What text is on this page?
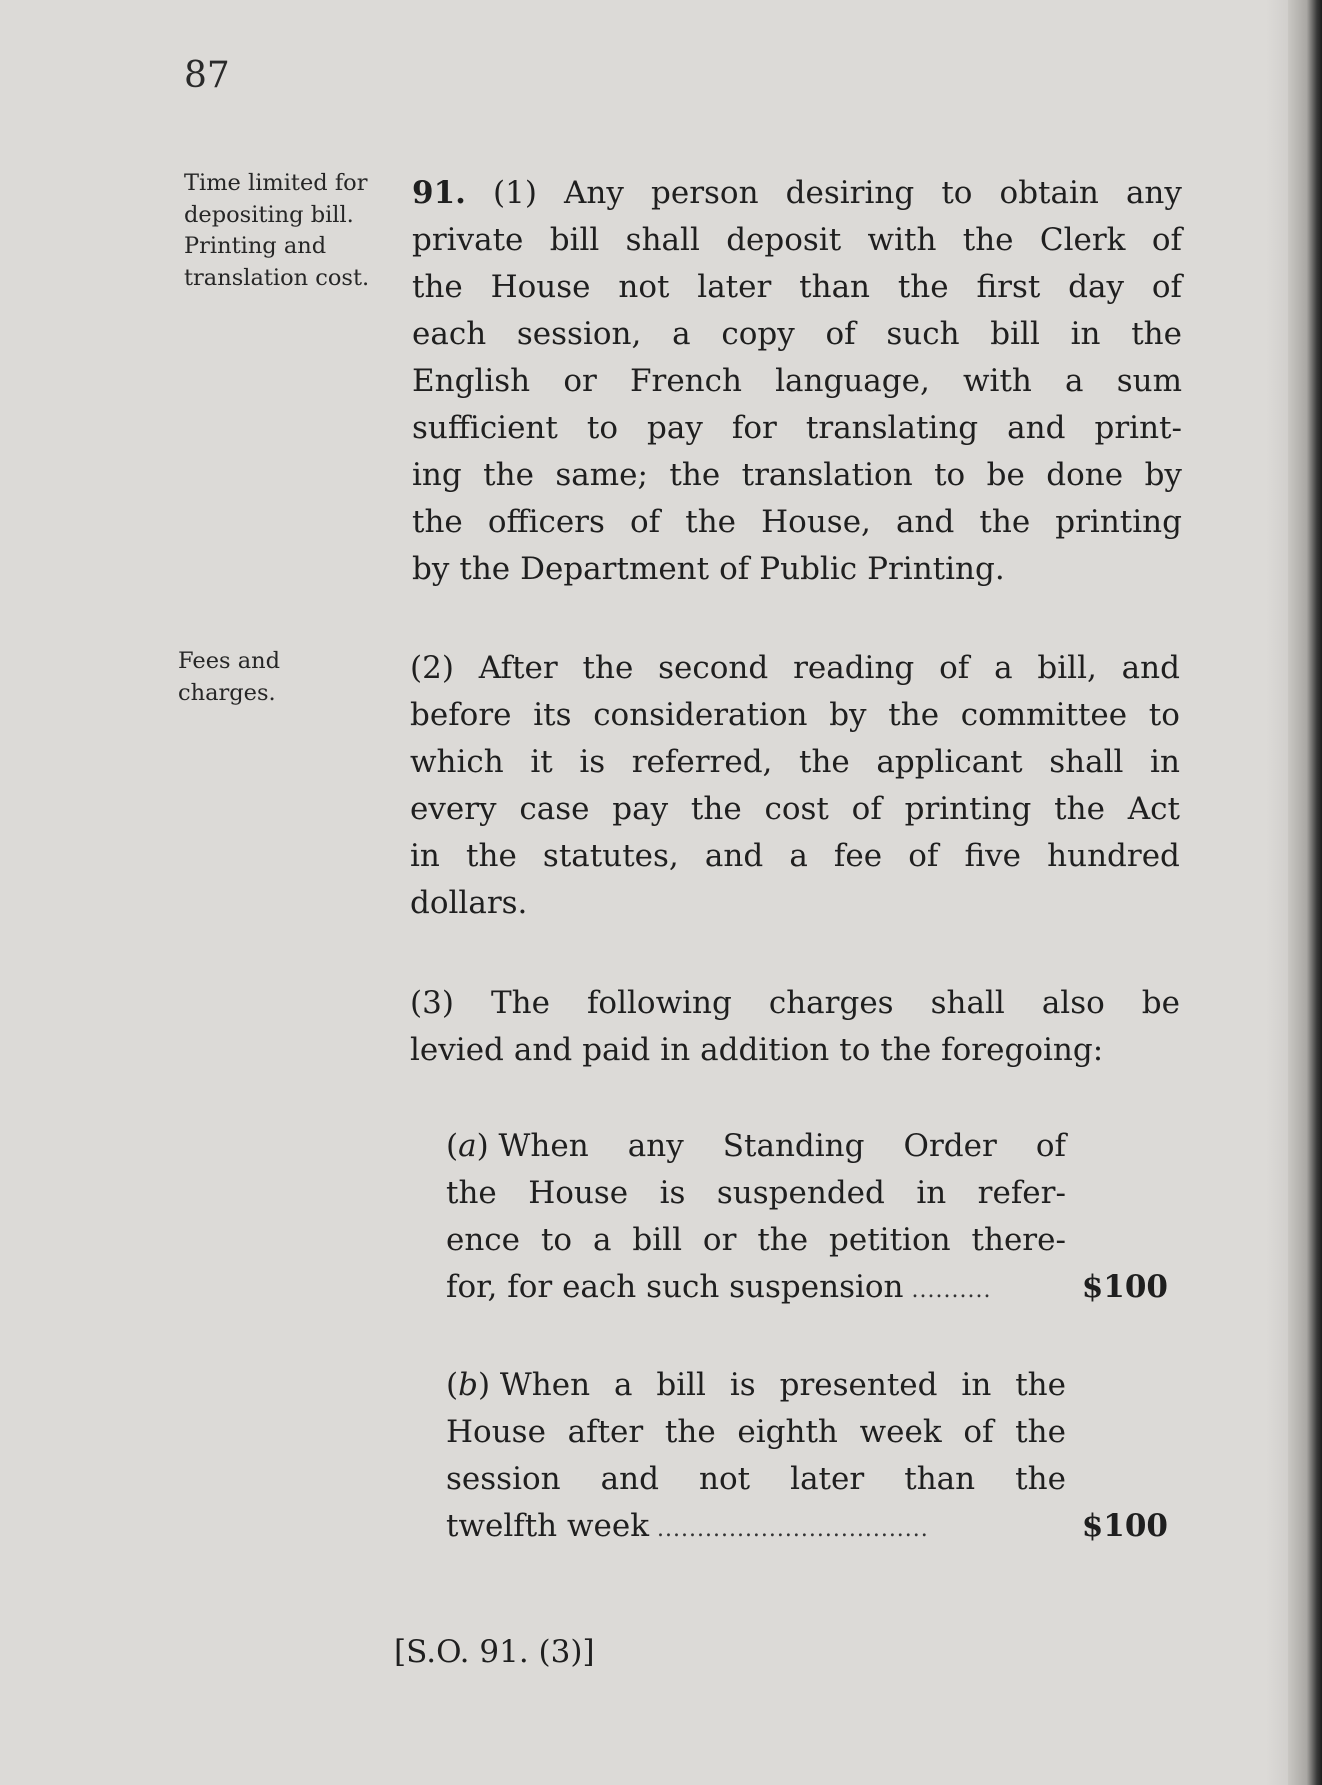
87
Time limited for
depositing bill.
Printing and
translation cost.
Fees and
charges.
91. (1) Any person desiring to obtain any
private bill shall deposit with the Clerk of
the House not later than the first day of
each session, a copy of such bill in the
English or French language, with a sum
sufficient to pay for translating and print-
ing the same; the translation to be done by
the officers of the House, and the printing
by the Department of Public Printing.
(2) After the second reading of a bill, and
before its consideration by the committee to
which it is referred, the applicant shall in
every case pay the cost of printing the Act
in the statutes, and a fee of five hundred
dollars.
(3) The following charges shall also be
levied and paid in addition to the foregoing:
(a) When any Standing Order of
the House is suspended in refer-
ence to a bill or the petition there-
for, for each such suspension ..........	$100
(b) When a bill is presented in the
House after the eighth week of the
session and not later than the
twelfth week ..................................	$100
[S.O. 91. (3)]
